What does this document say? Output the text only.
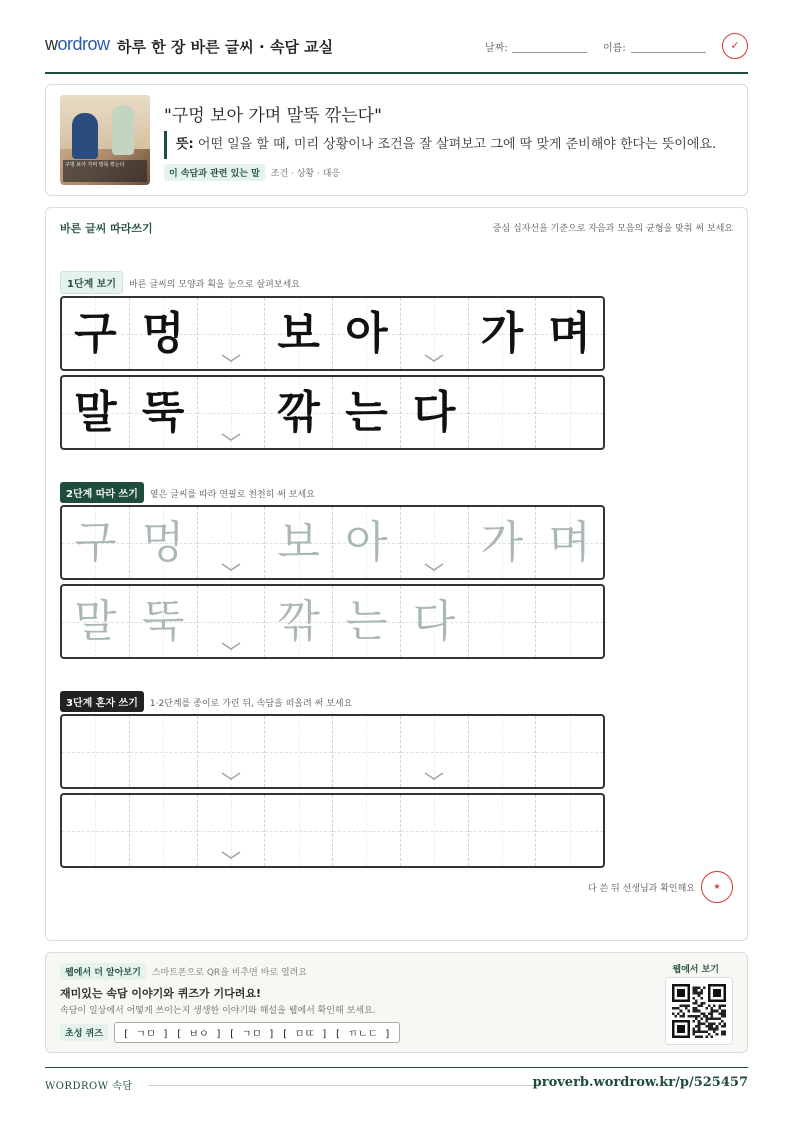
wordrow 하루 한 장 바른 글씨 · 속담 교실	날짜:	이름:	✓
구멍 보아 가며 말뚝 깎는다
"구멍 보아 가며 말뚝 깎는다"
뜻: 어떤 일을 할 때, 미리 상황이나 조건을 잘 살펴보고 그에 딱 맞게 준비해야 한다는 뜻이에요.
이 속담과 관련 있는 말 조건 · 상황 · 대응
바른 글씨 따라쓰기	중심 십자선을 기준으로 자음과 모음의 균형을 맞춰 써 보세요
1단계 보기 바른 글씨의 모양과 획을 눈으로 살펴보세요
구 멍 보 아 가 며
말 뚝 깎 는 다
2단계 따라 쓰기 옅은 글씨를 따라 연필로 천천히 써 보세요
구 멍 보 아 가 며
말 뚝 깎 는 다
3단계 혼자 쓰기 1·2단계를 종이로 가린 뒤, 속담을 떠올려 써 보세요
다 쓴 뒤 선생님과 확인해요	★
웹에서 더 알아보기 스마트폰으로 QR을 비추면 바로 열려요
재미있는 속담 이야기와 퀴즈가 기다려요!
속담이 일상에서 어떻게 쓰이는지 생생한 이야기와 해설을 웹에서 확인해 보세요.
초성 퀴즈	[ ㄱㅁ ] [ ㅂㅇ ] [ ㄱㅁ ] [ ㅁㄸ ] [ ㄲㄴㄷ ]
웹에서 보기
WORDROW 속담	proverb.wordrow.kr/p/525457
